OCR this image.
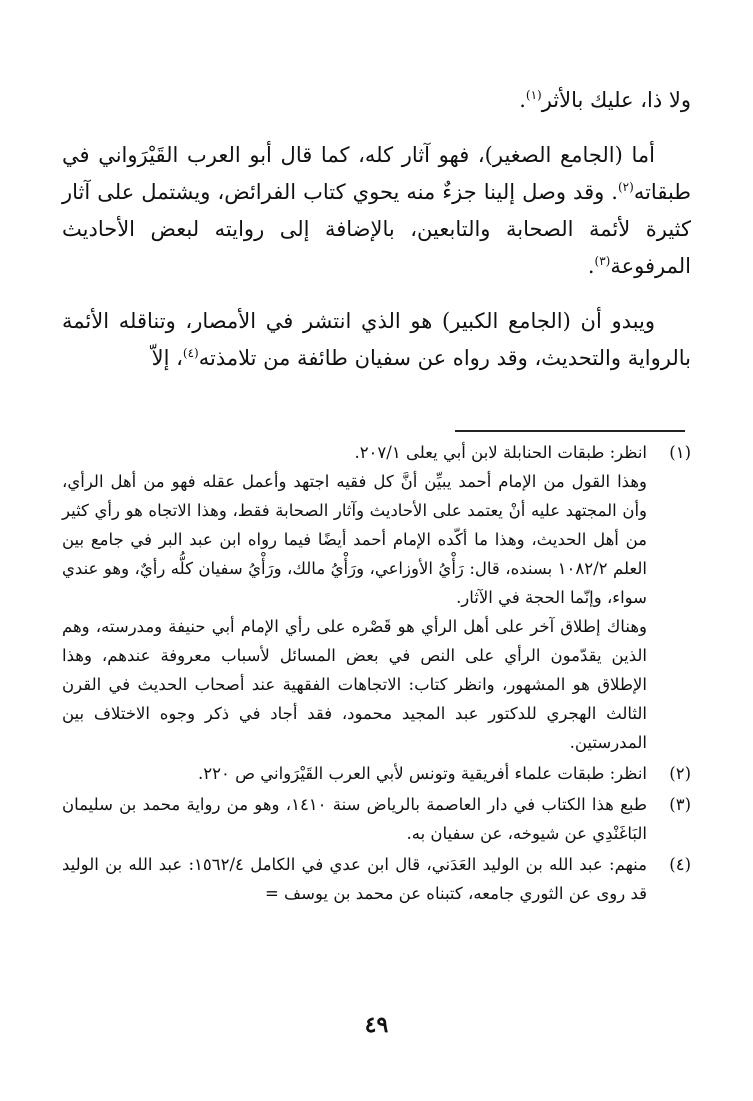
ولا ذا، عليك بالأثر$^{(١)}$.

أما (الجامع الصغير)، فهو آثار كله، كما قال أبو العرب القَيْرَواني في طبقاته$^{(٢)}$. وقد وصل إلينا جزءٌ منه يحوي كتاب الفرائض، ويشتمل على آثار كثيرة لأئمة الصحابة والتابعين، بالإضافة إلى روايته لبعض الأحاديث المرفوعة$^{(٣)}$.

ويبدو أن (الجامع الكبير) هو الذي انتشر في الأمصار، وتناقله الأئمة بالرواية والتحديث، وقد رواه عن سفيان طائفة من تلامذته$^{(٤)}$، إلاّ

(١)
انظر: طبقات الحنابلة لابن أبي يعلى ٢٠٧/١.
وهذا القول من الإمام أحمد يبيِّن أنَّ كل فقيه اجتهد وأعمل عقله فهو من أهل الرأي، وأن المجتهد عليه أنْ يعتمد على الأحاديث وآثار الصحابة فقط، وهذا الاتجاه هو رأي كثير من أهل الحديث، وهذا ما أكّده الإمام أحمد أيضًا فيما رواه ابن عبد البر في جامع بين العلم ١٠٨٢/٢ بسنده، قال: رَأْيُ الأوزاعي، ورَأْيُ مالك، ورَأْيُ سفيان كلُّه رأيٌ، وهو عندي سواء، وإنّما الحجة في الآثار.
وهناك إطلاق آخر على أهل الرأي هو قَصْره على رأي الإمام أبي حنيفة ومدرسته، وهم الذين يقدّمون الرأي على النص في بعض المسائل لأسباب معروفة عندهم، وهذا الإطلاق هو المشهور، وانظر كتاب: الاتجاهات الفقهية عند أصحاب الحديث في القرن الثالث الهجري للدكتور عبد المجيد محمود، فقد أجاد في ذكر وجوه الاختلاف بين المدرستين.
(٢)
انظر: طبقات علماء أفريقية وتونس لأبي العرب القَيْرَواني ص ٢٢٠.
(٣)
طبع هذا الكتاب في دار العاصمة بالرياض سنة ١٤١٠، وهو من رواية محمد بن سليمان البَاغَنْدِي عن شيوخه، عن سفيان به.
(٤)
منهم: عبد الله بن الوليد العَدَني، قال ابن عدي في الكامل ١٥٦٢/٤: عبد الله بن الوليد قد روى عن الثوري جامعه، كتبناه عن محمد بن يوسف =
٤٩
